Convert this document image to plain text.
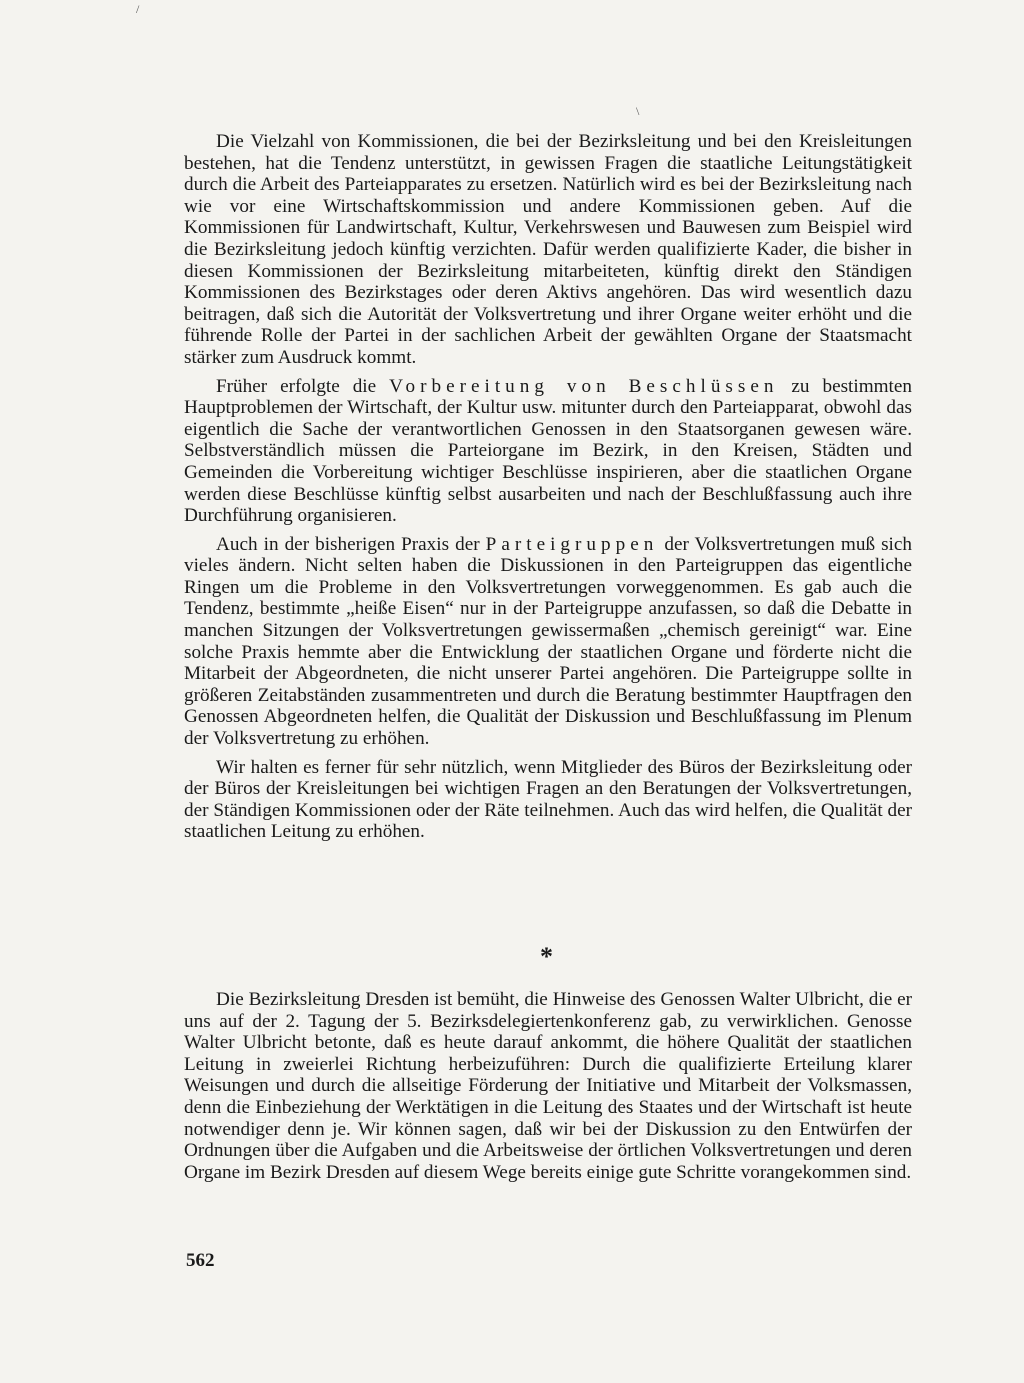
/
\

Die Vielzahl von Kommissionen, die bei der Bezirksleitung und bei den Kreisleitungen bestehen, hat die Tendenz unterstützt, in gewissen Fragen die staatliche Leitungstätigkeit durch die Arbeit des Parteiapparates zu ersetzen. Natürlich wird es bei der Bezirksleitung nach wie vor eine Wirtschaftskommission und andere Kommissionen geben. Auf die Kommissionen für Landwirtschaft, Kultur, Verkehrswesen und Bauwesen zum Beispiel wird die Bezirksleitung jedoch künftig verzichten. Dafür werden qualifizierte Kader, die bisher in diesen Kommissionen der Bezirksleitung mitarbeiteten, künftig direkt den Ständigen Kommissionen des Bezirkstages oder deren Aktivs angehören. Das wird wesentlich dazu beitragen, daß sich die Autorität der Volksvertretung und ihrer Organe weiter erhöht und die führende Rolle der Partei in der sachlichen Arbeit der gewählten Organe der Staatsmacht stärker zum Ausdruck kommt.

Früher erfolgte die Vorbereitung von Beschlüssen zu bestimmten Hauptproblemen der Wirtschaft, der Kultur usw. mitunter durch den Parteiapparat, obwohl das eigentlich die Sache der verantwortlichen Genossen in den Staatsorganen gewesen wäre. Selbstverständlich müssen die Parteiorgane im Bezirk, in den Kreisen, Städten und Gemeinden die Vorbereitung wichtiger Beschlüsse inspirieren, aber die staatlichen Organe werden diese Beschlüsse künftig selbst ausarbeiten und nach der Beschlußfassung auch ihre Durchführung organisieren.

Auch in der bisherigen Praxis der Parteigruppen der Volksvertretungen muß sich vieles ändern. Nicht selten haben die Diskussionen in den Parteigruppen das eigentliche Ringen um die Probleme in den Volksvertretungen vorweggenommen. Es gab auch die Tendenz, bestimmte „heiße Eisen“ nur in der Parteigruppe anzufassen, so daß die Debatte in manchen Sitzungen der Volksvertretungen gewissermaßen „chemisch gereinigt“ war. Eine solche Praxis hemmte aber die Entwicklung der staatlichen Organe und förderte nicht die Mitarbeit der Abgeordneten, die nicht unserer Partei angehören. Die Parteigruppe sollte in größeren Zeitabständen zusammentreten und durch die Beratung bestimmter Hauptfragen den Genossen Abgeordneten helfen, die Qualität der Diskussion und Beschlußfassung im Plenum der Volksvertretung zu erhöhen.

Wir halten es ferner für sehr nützlich, wenn Mitglieder des Büros der Bezirksleitung oder der Büros der Kreisleitungen bei wichtigen Fragen an den Beratungen der Volksvertretungen, der Ständigen Kommissionen oder der Räte teilnehmen. Auch das wird helfen, die Qualität der staatlichen Leitung zu erhöhen.

*

Die Bezirksleitung Dresden ist bemüht, die Hinweise des Genossen Walter Ulbricht, die er uns auf der 2. Tagung der 5. Bezirksdelegiertenkonferenz gab, zu verwirklichen. Genosse Walter Ulbricht betonte, daß es heute darauf ankommt, die höhere Qualität der staatlichen Leitung in zweierlei Richtung herbeizuführen: Durch die qualifizierte Erteilung klarer Weisungen und durch die allseitige Förderung der Initiative und Mitarbeit der Volksmassen, denn die Einbeziehung der Werktätigen in die Leitung des Staates und der Wirtschaft ist heute notwendiger denn je. Wir können sagen, daß wir bei der Diskussion zu den Entwürfen der Ordnungen über die Aufgaben und die Arbeitsweise der örtlichen Volksvertretungen und deren Organe im Bezirk Dresden auf diesem Wege bereits einige gute Schritte vorangekommen sind.

562
